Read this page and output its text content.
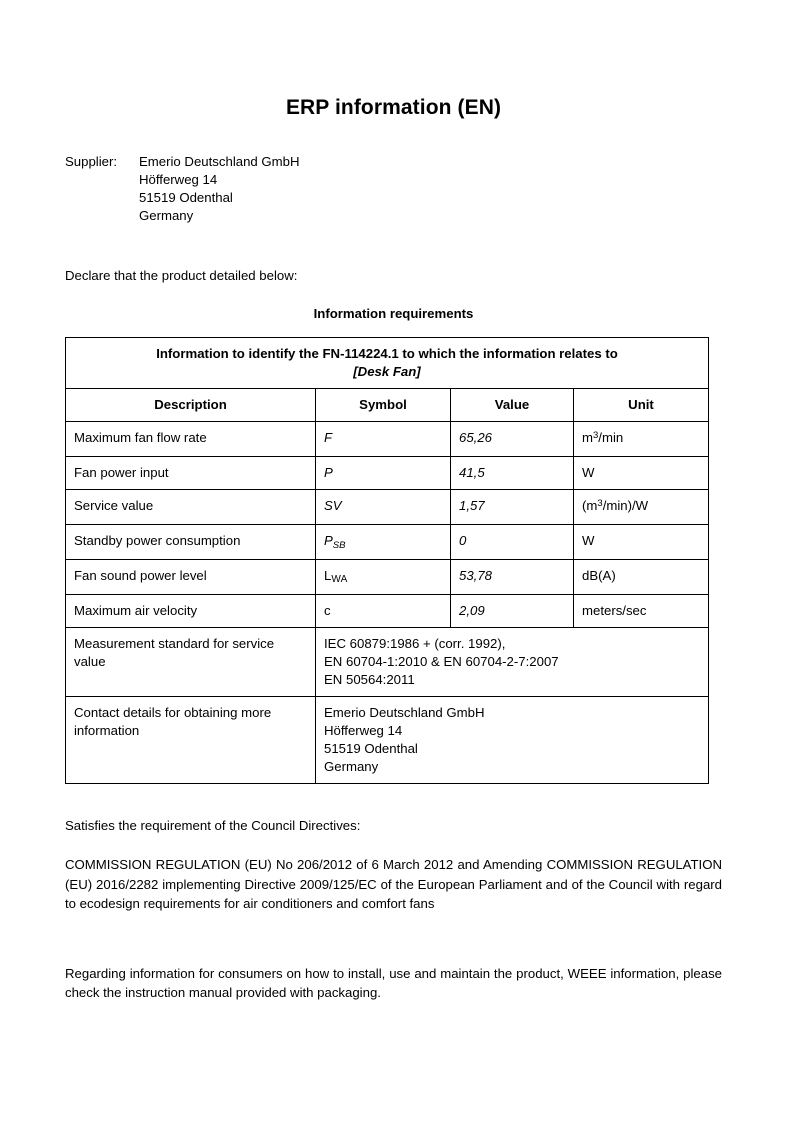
ERP information (EN)
Supplier: Emerio Deutschland GmbH
Höfferweg 14
51519 Odenthal
Germany
Declare that the product detailed below:
Information requirements
Information to identify the FN-114224.1 to which the information relates to
[Desk Fan]			

Description	Symbol	Value	Unit
Maximum fan flow rate	F	65,26	$m^3/\min$
Fan power input	P	41,5	W
Service value	SV	1,57	$(m^3/\min)/W$
Standby power consumption	$P_{SB}$	0	W
Fan sound power level	LWA	53,78	dB(A)
Maximum air velocity	c	2,09	meters/sec
Measurement standard for service value	IEC 60879:1986 + (corr. 1992),
EN 60704-1:2010 & EN 60704-2-7:2007
EN 50564:2011		

Contact details for obtaining more information	Emerio Deutschland GmbH
Höfferweg 14
51519 Odenthal
Germany		
Satisfies the requirement of the Council Directives:
COMMISSION REGULATION (EU) No 206/2012 of 6 March 2012 and Amending COMMISSION REGULATION (EU) 2016/2282 implementing Directive 2009/125/EC of the European Parliament and of the Council with regard to ecodesign requirements for air conditioners and comfort fans
Regarding information for consumers on how to install, use and maintain the product, WEEE information, please check the instruction manual provided with packaging.
